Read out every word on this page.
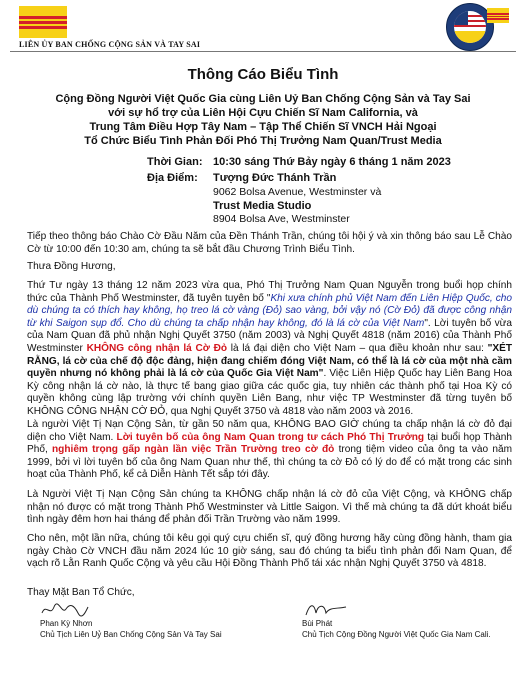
LIÊN ỦY BAN CHỐNG CỘNG SẢN VÀ TAY SAI
Thông Cáo Biểu Tình
Cộng Đồng Người Việt Quốc Gia cùng Liên Uỷ Ban Chống Cộng Sản và Tay Sai
với sự hổ trợ của Liên Hội Cựu Chiến Sĩ Nam California, và
Trung Tâm Điều Hợp Tây Nam – Tập Thể Chiến Sĩ VNCH Hải Ngoại
Tổ Chức Biểu Tình Phản Đối Phó Thị Trưởng Nam Quan/Trust Media
Thời Gian: 10:30 sáng Thứ Bảy ngày 6 tháng 1 năm 2023
Địa Điểm: Tượng Đức Thánh Trần
9062 Bolsa Avenue, Westminster và
Trust Media Studio
8904 Bolsa Ave, Westminster
Tiếp theo thông báo Chào Cờ Đầu Năm của Đền Thánh Trần, chúng tôi hội ý và xin thông báo sau Lễ Chào Cờ từ 10:00 đến 10:30 am, chúng ta sẽ bắt đầu Chương Trình Biểu Tình.
Thưa Đồng Hương,
Thứ Tư ngày 13 tháng 12 năm 2023 vừa qua, Phó Thị Trưởng Nam Quan Nguyễn trong buổi họp chính thức của Thành Phố Westminster, đã tuyên tuyên bố "Khi xưa chính phủ Việt Nam đến Liên Hiệp Quốc, cho dù chúng ta có thích hay không, họ treo lá cờ vàng (Đỏ) sao vàng, bởi vậy nó (Cờ Đỏ) đã được công nhận từ khi Saigon sụp đổ. Cho dù chúng ta chấp nhận hay không, đó là lá cờ của Việt Nam". Lời tuyên bố vừa của Nam Quan đã phủ nhận Nghị Quyết 3750 (năm 2003) và Nghị Quyết 4818 (năm 2016) của Thành Phố Westminster KHÔNG công nhận lá Cờ Đỏ là lá đại diện cho Việt Nam – qua điều khoản như sau: "XÉT RẰNG, lá cờ của chế độ độc đảng, hiện đang chiếm đóng Việt Nam, có thể là lá cờ của một nhà cầm quyền nhưng nó không phải là lá cờ của Quốc Gia Việt Nam". Việc Liên Hiệp Quốc hay Liên Bang Hoa Kỳ công nhận lá cờ nào, là thực tế bang giao giữa các quốc gia, tuy nhiên các thành phố tại Hoa Kỳ có quyền không cùng lập trường với chính quyền Liên Bang, như việc TP Westminster đã từng tuyên bố KHÔNG CÔNG NHẬN CỜ ĐỎ, qua Nghị Quyết 3750 và 4818 vào năm 2003 và 2016.
Là người Việt Tị Nạn Cộng Sản, từ gần 50 năm qua, KHÔNG BAO GIỜ chúng ta chấp nhận lá cờ đỏ đại diện cho Việt Nam. Lời tuyên bố của ông Nam Quan trong tư cách Phó Thị Trưởng tại buổi họp Thành Phố, nghiêm trọng gấp ngàn lần việc Trần Trường treo cờ đỏ trong tiệm video của ông ta vào năm 1999, bởi vì lời tuyên bố của ông Nam Quan như thế, thì chúng ta cờ Đỏ có lý do để có mặt trong các sinh hoạt của Thành Phố, kể cả Diễn Hành Tết sắp tới đây.
Là Người Việt Tị Nạn Cộng Sản chúng ta KHÔNG chấp nhận lá cờ đỏ của Việt Cộng, và KHÔNG chấp nhận nó được có mặt trong Thành Phố Westminster và Little Saigon. Vì thế mà chúng ta đã dứt khoát biểu tình ngày đêm hơn hai tháng để phản đối Trần Trường vào năm 1999.
Cho nên, một lần nữa, chúng tôi kêu gọi quý cựu chiến sĩ, quý đồng hương hãy cùng đồng hành, tham gia ngày Chào Cờ VNCH đầu năm 2024 lúc 10 giờ sáng, sau đó chúng ta biểu tình phản đối Nam Quan, để vạch rõ Lằn Ranh Quốc Cộng và yêu cầu Hội Đồng Thành Phố tái xác nhận Nghị Quyết 3750 và 4818.
Thay Mặt Ban Tổ Chức,
Phan Kỳ Nhơn
Chủ Tịch Liên Uỷ Ban Chống Cộng Sản Và Tay Sai
Bùi Phát
Chủ Tịch Cộng Đồng Người Việt Quốc Gia Nam Cali.
